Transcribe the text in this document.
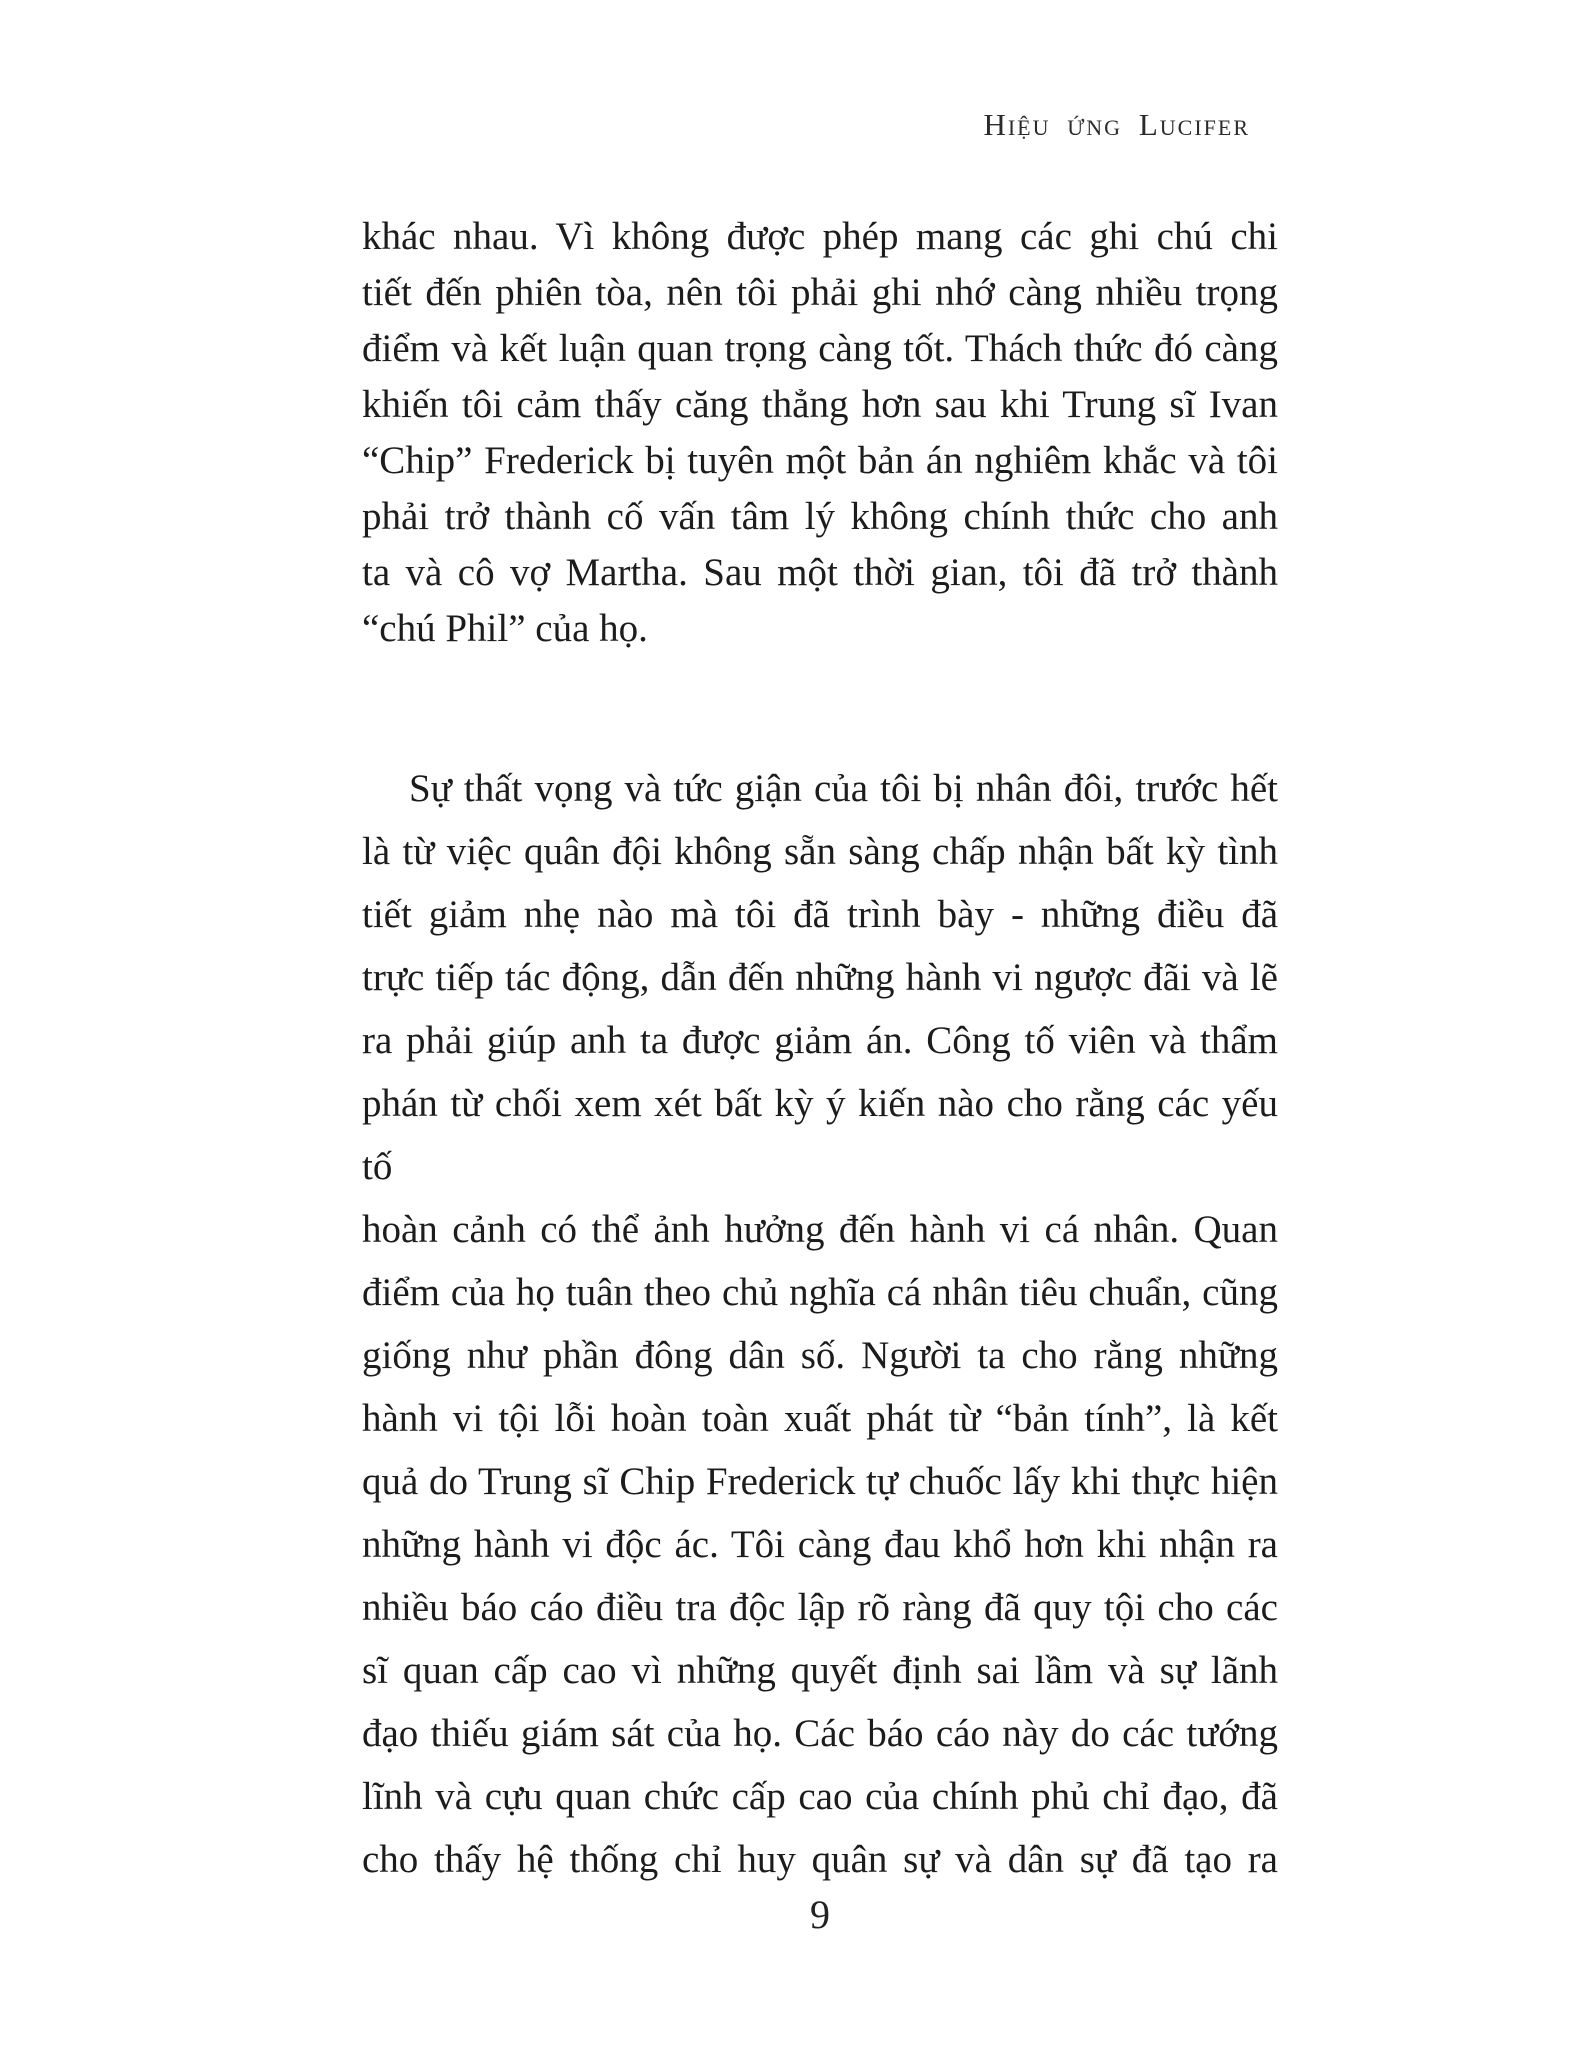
Hiệu ứng Lucifer
khác nhau. Vì không được phép mang các ghi chú chi
tiết đến phiên tòa, nên tôi phải ghi nhớ càng nhiều trọng
điểm và kết luận quan trọng càng tốt. Thách thức đó càng
khiến tôi cảm thấy căng thẳng hơn sau khi Trung sĩ Ivan
“Chip” Frederick bị tuyên một bản án nghiêm khắc và tôi
phải trở thành cố vấn tâm lý không chính thức cho anh
ta và cô vợ Martha. Sau một thời gian, tôi đã trở thành
“chú Phil” của họ.
Sự thất vọng và tức giận của tôi bị nhân đôi, trước hết
là từ việc quân đội không sẵn sàng chấp nhận bất kỳ tình
tiết giảm nhẹ nào mà tôi đã trình bày - những điều đã
trực tiếp tác động, dẫn đến những hành vi ngược đãi và lẽ
ra phải giúp anh ta được giảm án. Công tố viên và thẩm
phán từ chối xem xét bất kỳ ý kiến nào cho rằng các yếu tố
hoàn cảnh có thể ảnh hưởng đến hành vi cá nhân. Quan
điểm của họ tuân theo chủ nghĩa cá nhân tiêu chuẩn, cũng
giống như phần đông dân số. Người ta cho rằng những
hành vi tội lỗi hoàn toàn xuất phát từ “bản tính”, là kết
quả do Trung sĩ Chip Frederick tự chuốc lấy khi thực hiện
những hành vi độc ác. Tôi càng đau khổ hơn khi nhận ra
nhiều báo cáo điều tra độc lập rõ ràng đã quy tội cho các
sĩ quan cấp cao vì những quyết định sai lầm và sự lãnh
đạo thiếu giám sát của họ. Các báo cáo này do các tướng
lĩnh và cựu quan chức cấp cao của chính phủ chỉ đạo, đã
cho thấy hệ thống chỉ huy quân sự và dân sự đã tạo ra
9
